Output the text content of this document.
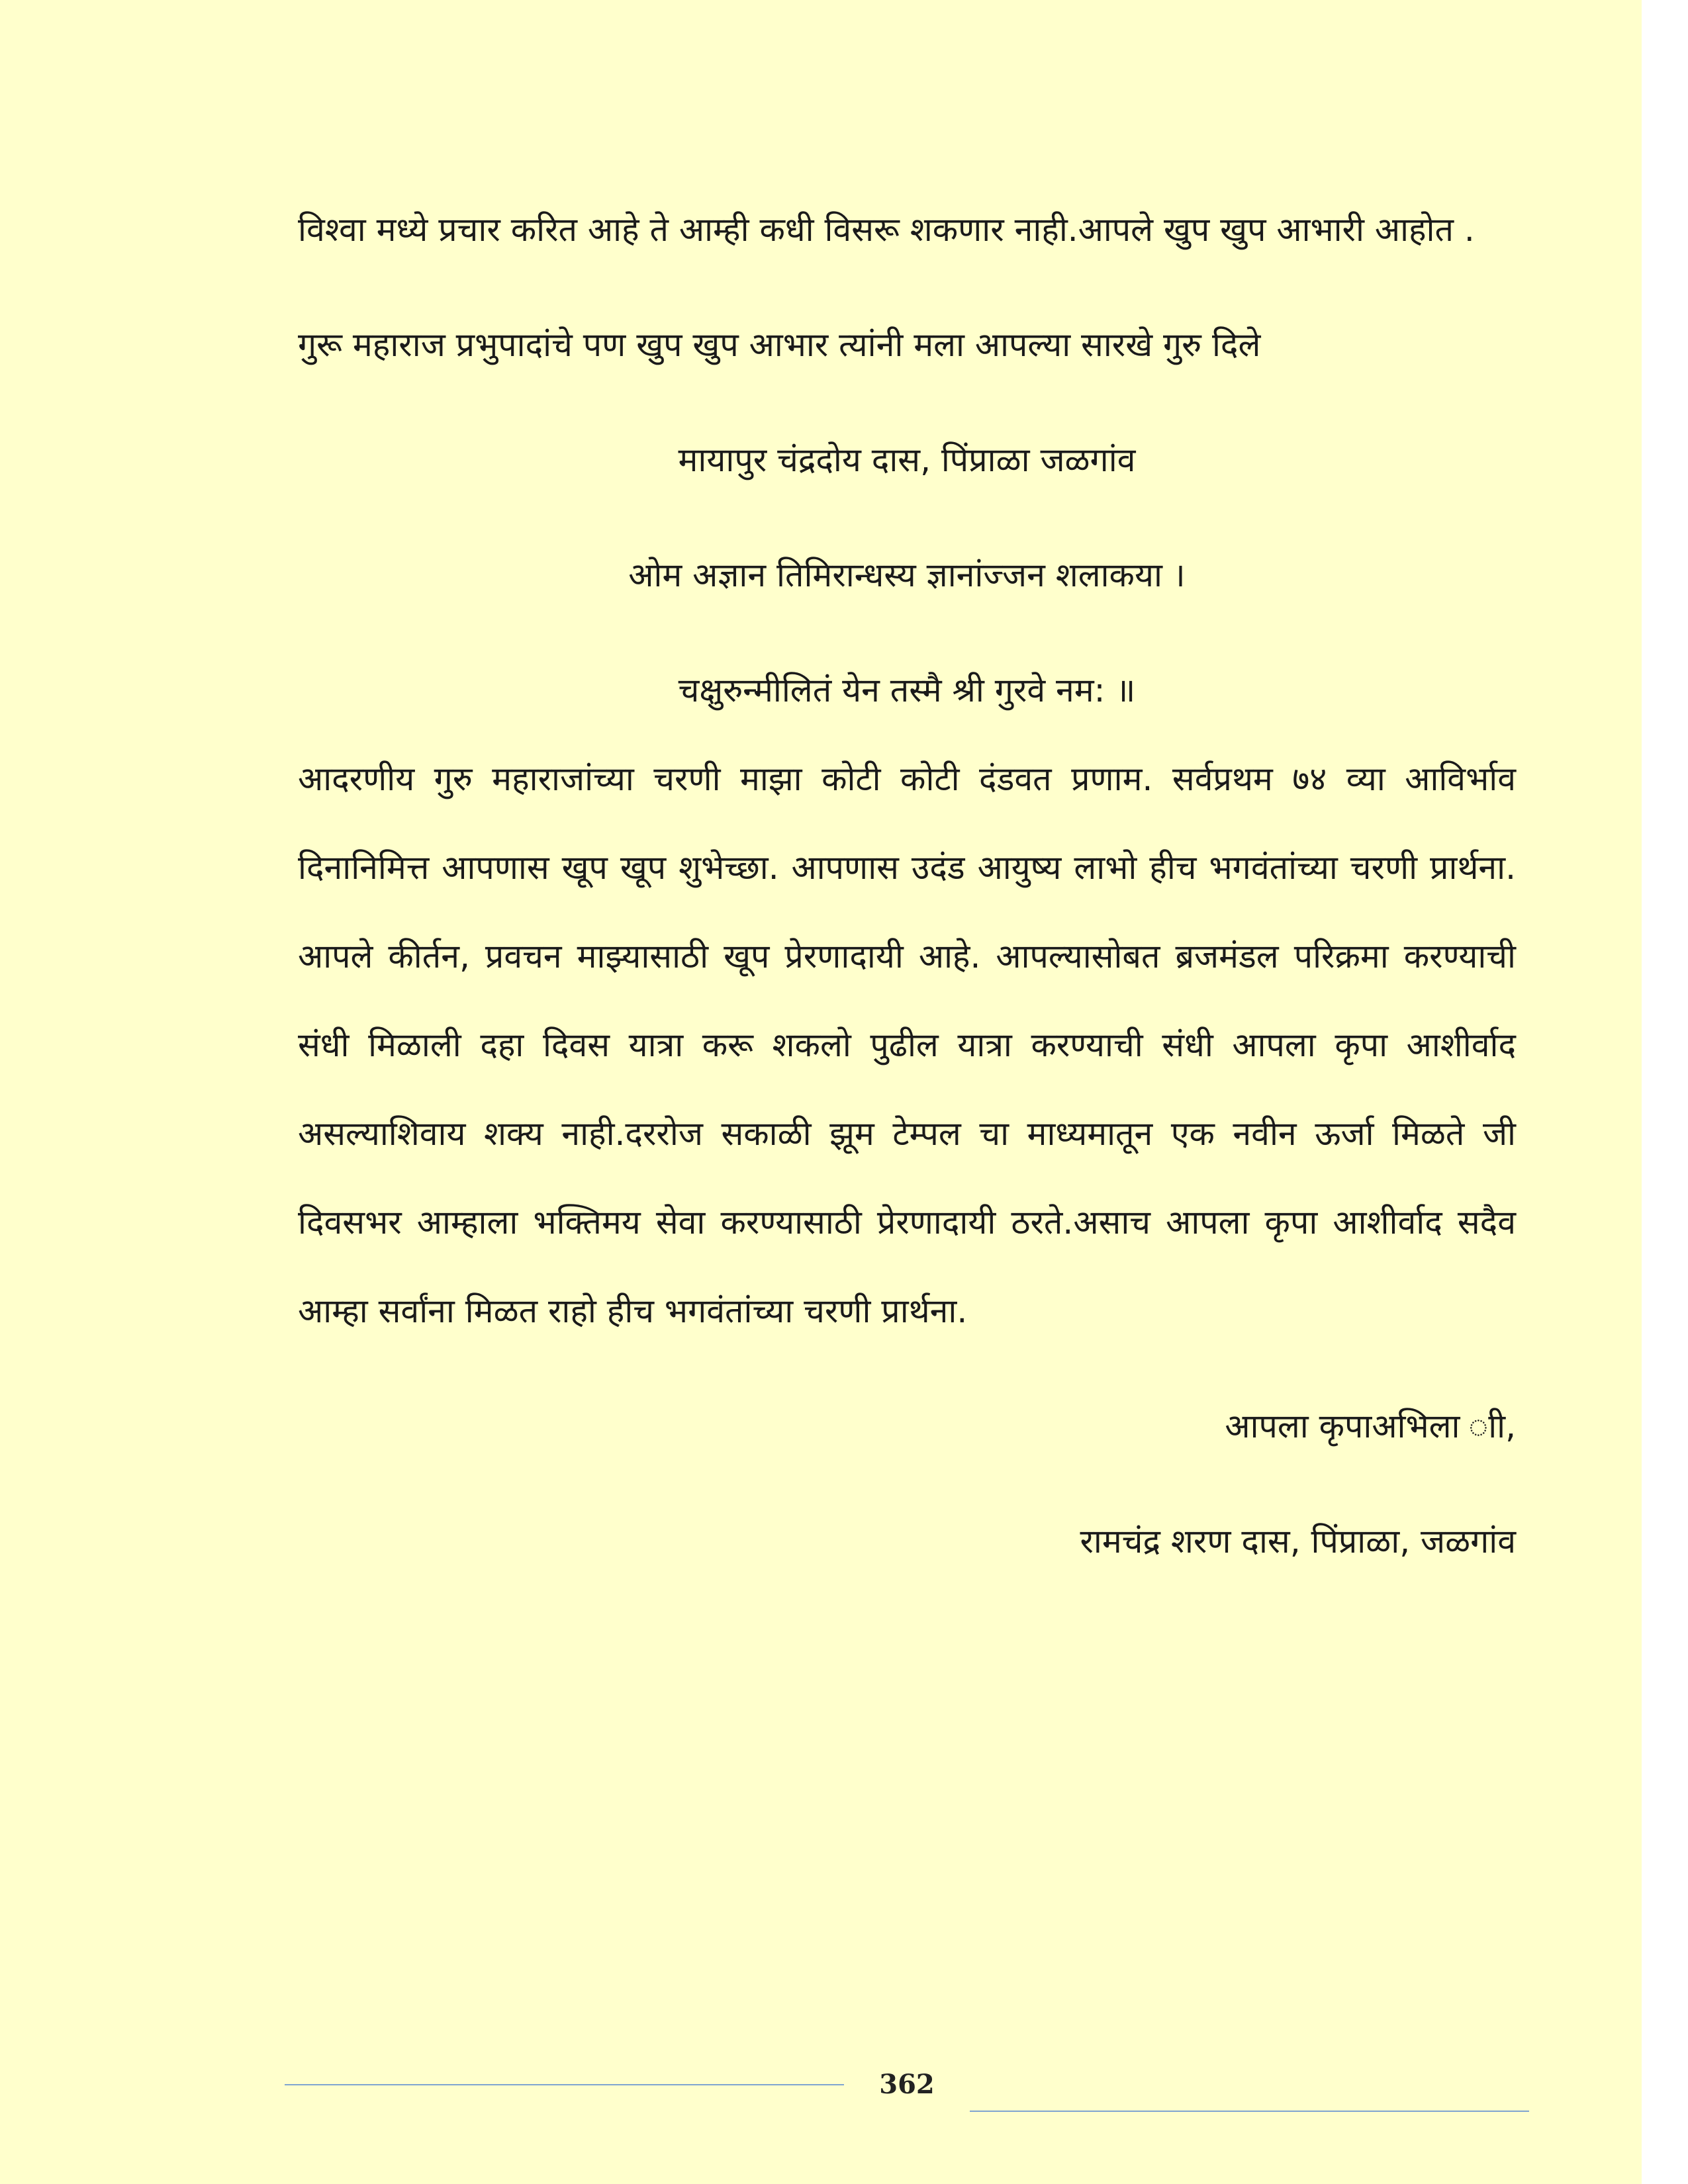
विश्वा मध्ये प्रचार करित आहे ते आम्ही कधी विसरू शकणार नाही.आपले खुप खुप आभारी आहोत .

गुरू महाराज प्रभुपादांचे पण खुप खुप आभार त्यांनी मला आपल्या सारखे गुरु दिले

मायापुर चंद्रदोय दास, पिंप्राळा जळगांव

ओम अज्ञान तिमिरान्धस्य ज्ञानांज्जन शलाकया ।

चक्षुरुन्मीलितं येन तस्मै श्री गुरवे नम: ॥

आदरणीय गुरु महाराजांच्या चरणी माझा कोटी कोटी दंडवत प्रणाम. सर्वप्रथम ७४ व्या आविर्भाव दिनानिमित्त आपणास खूप खूप शुभेच्छा. आपणास उदंड आयुष्य लाभो हीच भगवंतांच्या चरणी प्रार्थना. आपले कीर्तन, प्रवचन माझ्यासाठी खूप प्रेरणादायी आहे. आपल्यासोबत ब्रजमंडल परिक्रमा करण्याची संधी मिळाली दहा दिवस यात्रा करू शकलो पुढील यात्रा करण्याची संधी आपला कृपा आशीर्वाद असल्याशिवाय शक्य नाही.दररोज सकाळी झूम टेम्पल चा माध्यमातून एक नवीन ऊर्जा मिळते जी दिवसभर आम्हाला भक्तिमय सेवा करण्यासाठी प्रेरणादायी ठरते.असाच आपला कृपा आशीर्वाद सदैव आम्हा सर्वांना मिळत राहो हीच भगवंतांच्या चरणी प्रार्थना.

आपला कृपाअभिला ाी,

रामचंद्र शरण दास, पिंप्राळा, जळगांव

362
